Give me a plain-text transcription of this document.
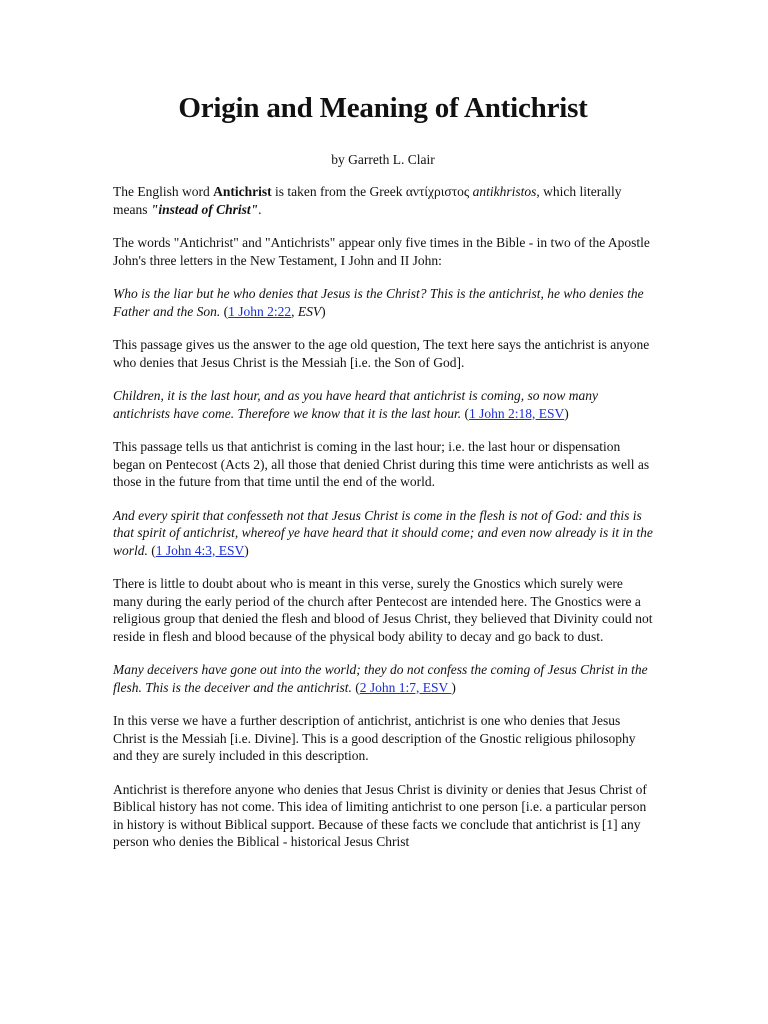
Origin and Meaning of Antichrist
by Garreth L. Clair

The English word Antichrist is taken from the Greek αντίχριστος antikhristos, which literally means "instead of Christ".

The words "Antichrist" and "Antichrists" appear only five times in the Bible - in two of the Apostle John's three letters in the New Testament, I John and II John:

Who is the liar but he who denies that Jesus is the Christ? This is the antichrist, he who denies the Father and the Son. (1 John 2:22, ESV)

This passage gives us the answer to the age old question, The text here says the antichrist is anyone who denies that Jesus Christ is the Messiah [i.e. the Son of God].

Children, it is the last hour, and as you have heard that antichrist is coming, so now many antichrists have come. Therefore we know that it is the last hour. (1 John 2:18, ESV)

This passage tells us that antichrist is coming in the last hour; i.e. the last hour or dispensation began on Pentecost (Acts 2), all those that denied Christ during this time were antichrists as well as those in the future from that time until the end of the world.

And every spirit that confesseth not that Jesus Christ is come in the flesh is not of God: and this is that spirit of antichrist, whereof ye have heard that it should come; and even now already is it in the world. (1 John 4:3, ESV)

There is little to doubt about who is meant in this verse, surely the Gnostics which surely were many during the early period of the church after Pentecost are intended here. The Gnostics were a religious group that denied the flesh and blood of Jesus Christ, they believed that Divinity could not reside in flesh and blood because of the physical body ability to decay and go back to dust.

Many deceivers have gone out into the world; they do not confess the coming of Jesus Christ in the flesh. This is the deceiver and the antichrist. (2 John 1:7, ESV )

In this verse we have a further description of antichrist, antichrist is one who denies that Jesus Christ is the Messiah [i.e. Divine]. This is a good description of the Gnostic religious philosophy and they are surely included in this description.

Antichrist is therefore anyone who denies that Jesus Christ is divinity or denies that Jesus Christ of Biblical history has not come. This idea of limiting antichrist to one person [i.e. a particular person in history is without Biblical support. Because of these facts we conclude that antichrist is [1] any person who denies the Biblical - historical Jesus Christ
